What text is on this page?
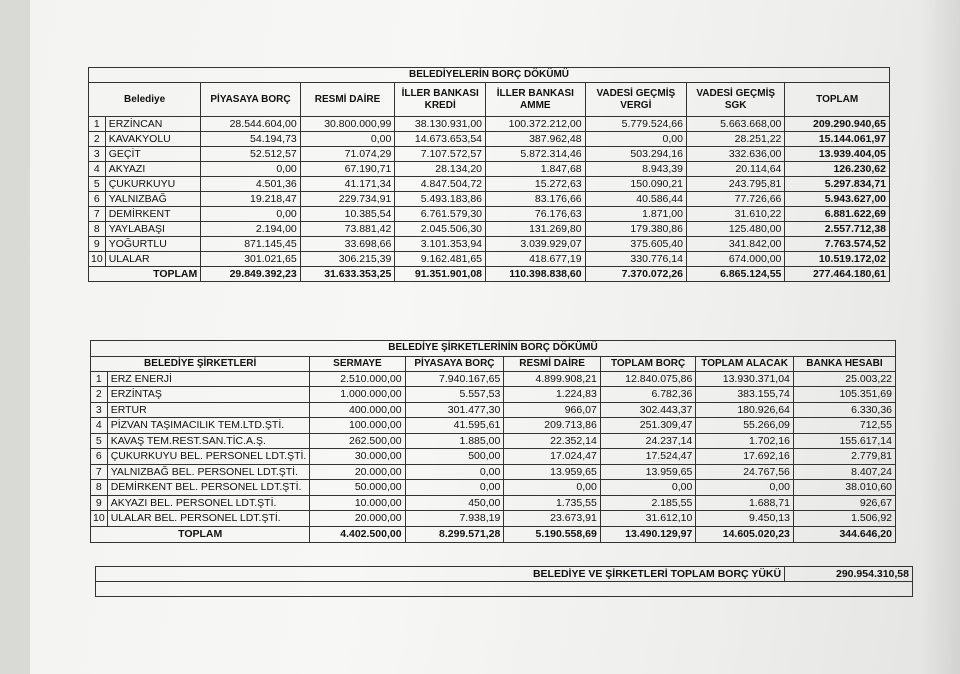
BELEDİYELERİN BORÇ DÖKÜMÜ								
Belediye		PİYASAYA BORÇ	RESMİ DAİRE	İLLER BANKASI KREDİ	İLLER BANKASI AMME	VADESİ GEÇMİŞ VERGİ	VADESİ GEÇMİŞ SGK	TOPLAM
1	ERZİNCAN	28.544.604,00	30.800.000,99	38.130.931,00	100.372.212,00	5.779.524,66	5.663.668,00	209.290.940,65
2	KAVAKYOLU	54.194,73	0,00	14.673.653,54	387.962,48	0,00	28.251,22	15.144.061,97
3	GEÇİT	52.512,57	71.074,29	7.107.572,57	5.872.314,46	503.294,16	332.636,00	13.939.404,05
4	AKYAZI	0,00	67.190,71	28.134,20	1.847,68	8.943,39	20.114,64	126.230,62
5	ÇUKURKUYU	4.501,36	41.171,34	4.847.504,72	15.272,63	150.090,21	243.795,81	5.297.834,71
6	YALNIZBAĞ	19.218,47	229.734,91	5.493.183,86	83.176,66	40.586,44	77.726,66	5.943.627,00
7	DEMİRKENT	0,00	10.385,54	6.761.579,30	76.176,63	1.871,00	31.610,22	6.881.622,69
8	YAYLABAŞI	2.194,00	73.881,42	2.045.506,30	131.269,80	179.380,86	125.480,00	2.557.712,38
9	YOĞURTLU	871.145,45	33.698,66	3.101.353,94	3.039.929,07	375.605,40	341.842,00	7.763.574,52
10	ULALAR	301.021,65	306.215,39	9.162.481,65	418.677,19	330.776,14	674.000,00	10.519.172,02
TOPLAM		29.849.392,23	31.633.353,25	91.351.901,08	110.398.838,60	7.370.072,26	6.865.124,55	277.464.180,61
BELEDİYE ŞİRKETLERİNİN BORÇ DÖKÜMÜ							
BELEDİYE ŞİRKETLERİ		SERMAYE	PİYASAYA BORÇ	RESMİ DAİRE	TOPLAM BORÇ	TOPLAM ALACAK	BANKA HESABI
1	ERZ ENERJİ	2.510.000,00	7.940.167,65	4.899.908,21	12.840.075,86	13.930.371,04	25.003,22
2	ERZİNTAŞ	1.000.000,00	5.557,53	1.224,83	6.782,36	383.155,74	105.351,69
3	ERTUR	400.000,00	301.477,30	966,07	302.443,37	180.926,64	6.330,36
4	PİZVAN TAŞIMACILIK TEM.LTD.ŞTİ.	100.000,00	41.595,61	209.713,86	251.309,47	55.266,09	712,55
5	KAVAŞ TEM.REST.SAN.TİC.A.Ş.	262.500,00	1.885,00	22.352,14	24.237,14	1.702,16	155.617,14
6	ÇUKURKUYU BEL. PERSONEL LDT.ŞTİ.	30.000,00	500,00	17.024,47	17.524,47	17.692,16	2.779,81
7	YALNIZBAĞ BEL. PERSONEL LDT.ŞTİ.	20.000,00	0,00	13.959,65	13.959,65	24.767,56	8.407,24
8	DEMİRKENT BEL. PERSONEL LDT.ŞTİ.	50.000,00	0,00	0,00	0,00	0,00	38.010,60
9	AKYAZI BEL. PERSONEL LDT.ŞTİ.	10.000,00	450,00	1.735,55	2.185,55	1.688,71	926,67
10	ULALAR BEL. PERSONEL LDT.ŞTİ.	20.000,00	7.938,19	23.673,91	31.612,10	9.450,13	1.506,92
TOPLAM		4.402.500,00	8.299.571,28	5.190.558,69	13.490.129,97	14.605.020,23	344.646,20
BELEDİYE VE ŞİRKETLERİ TOPLAM BORÇ YÜKÜ	290.954.310,58
